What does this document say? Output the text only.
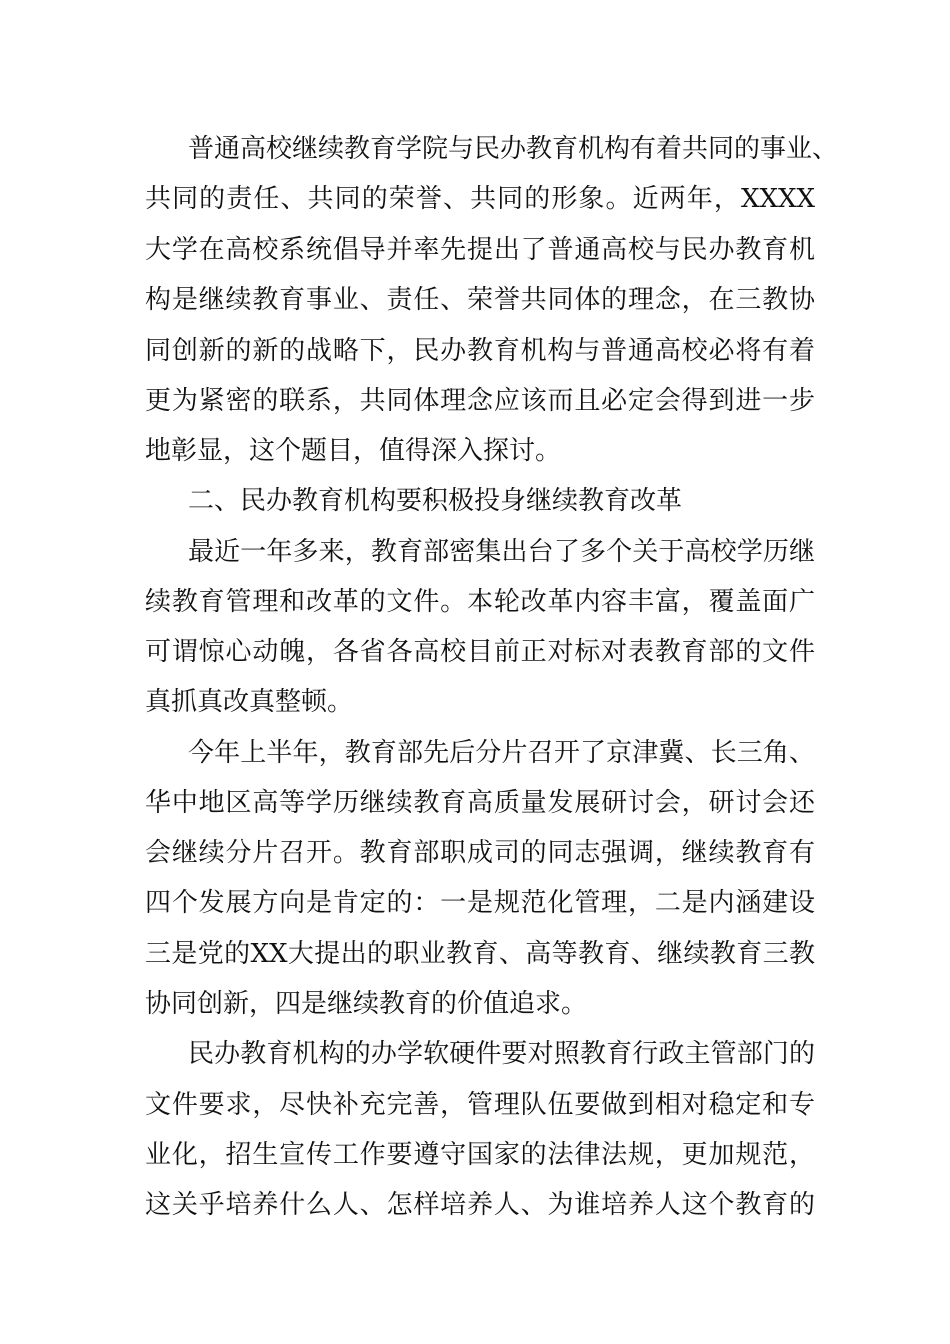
普通高校继续教育学院与民办教育机构有着共同的事业、

共同的责任、共同的荣誉、共同的形象。近两年，XXXX

大学在高校系统倡导并率先提出了普通高校与民办教育机

构是继续教育事业、责任、荣誉共同体的理念，在三教协

同创新的新的战略下，民办教育机构与普通高校必将有着

更为紧密的联系，共同体理念应该而且必定会得到进一步

地彰显，这个题目，值得深入探讨。

二、民办教育机构要积极投身继续教育改革

最近一年多来，教育部密集出台了多个关于高校学历继

续教育管理和改革的文件。本轮改革内容丰富，覆盖面广

可谓惊心动魄，各省各高校目前正对标对表教育部的文件

真抓真改真整顿。

今年上半年，教育部先后分片召开了京津冀、长三角、

华中地区高等学历继续教育高质量发展研讨会，研讨会还

会继续分片召开。教育部职成司的同志强调，继续教育有

四个发展方向是肯定的：一是规范化管理，二是内涵建设

三是党的XX大提出的职业教育、高等教育、继续教育三教

协同创新，四是继续教育的价值追求。

民办教育机构的办学软硬件要对照教育行政主管部门的

文件要求，尽快补充完善，管理队伍要做到相对稳定和专

业化，招生宣传工作要遵守国家的法律法规，更加规范，

这关乎培养什么人、怎样培养人、为谁培养人这个教育的
